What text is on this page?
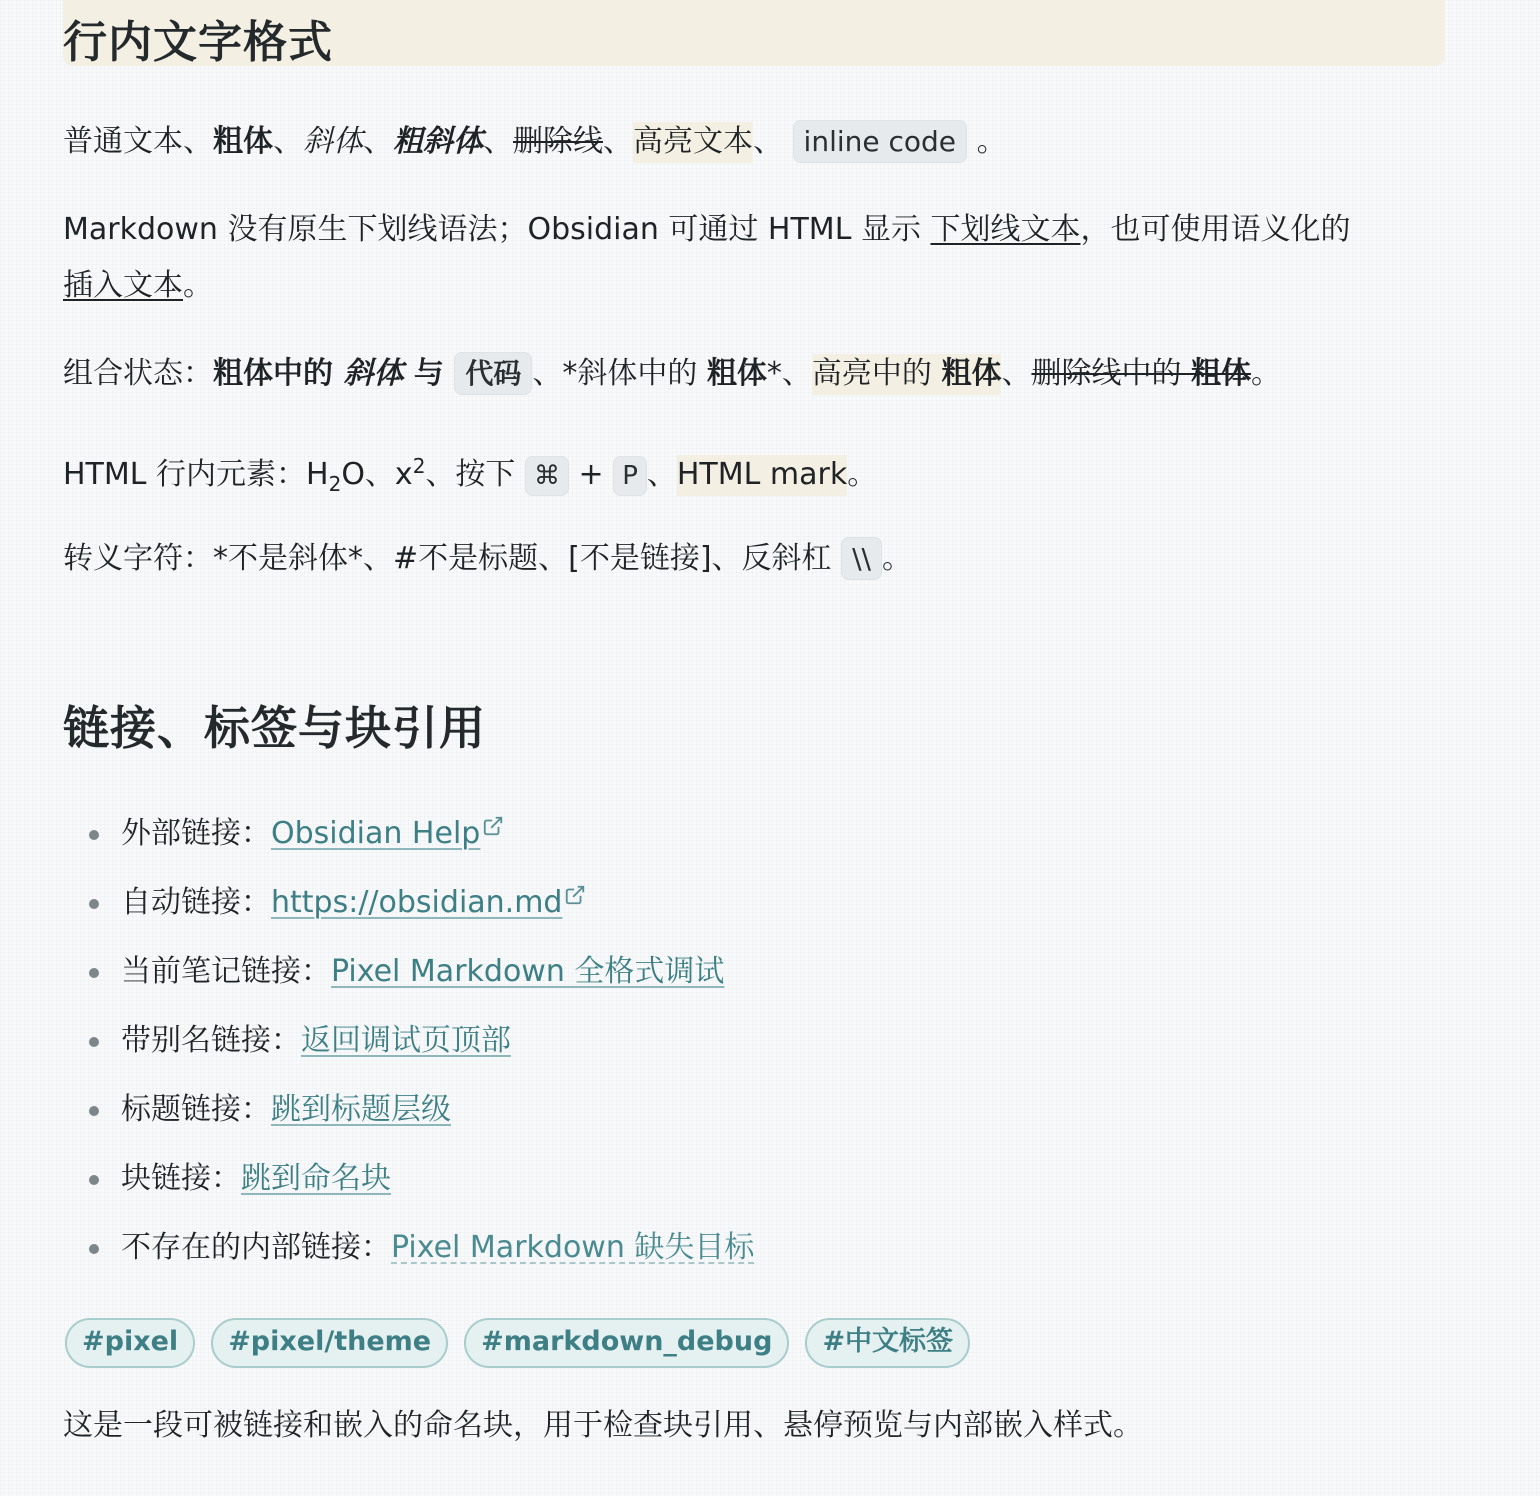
行内文字格式

普通文本、粗体、斜体、粗斜体、删除线、高亮文本、 inline code 。

Markdown 没有原生下划线语法；Obsidian 可通过 HTML 显示 下划线文本，也可使用语义化的

插入文本。

组合状态：粗体中的 斜体 与 代码 、*斜体中的 粗体*、高亮中的 粗体、删除线中的 粗体。

HTML 行内元素：$H_2O$、$x^2$、按下 ⌘ + P 、HTML mark。

转义字符：*不是斜体*、#不是标题、[不是链接]、反斜杠 \\ 。

链接、标签与块引用
外部链接：Obsidian Help
自动链接：https://obsidian.md
当前笔记链接：Pixel Markdown 全格式调试
带别名链接：返回调试页顶部
标题链接：跳到标题层级
块链接：跳到命名块
不存在的内部链接：Pixel Markdown 缺失目标
#pixel	#pixel/theme	#markdown_debug	#中文标签

这是一段可被链接和嵌入的命名块，用于检查块引用、悬停预览与内部嵌入样式。
